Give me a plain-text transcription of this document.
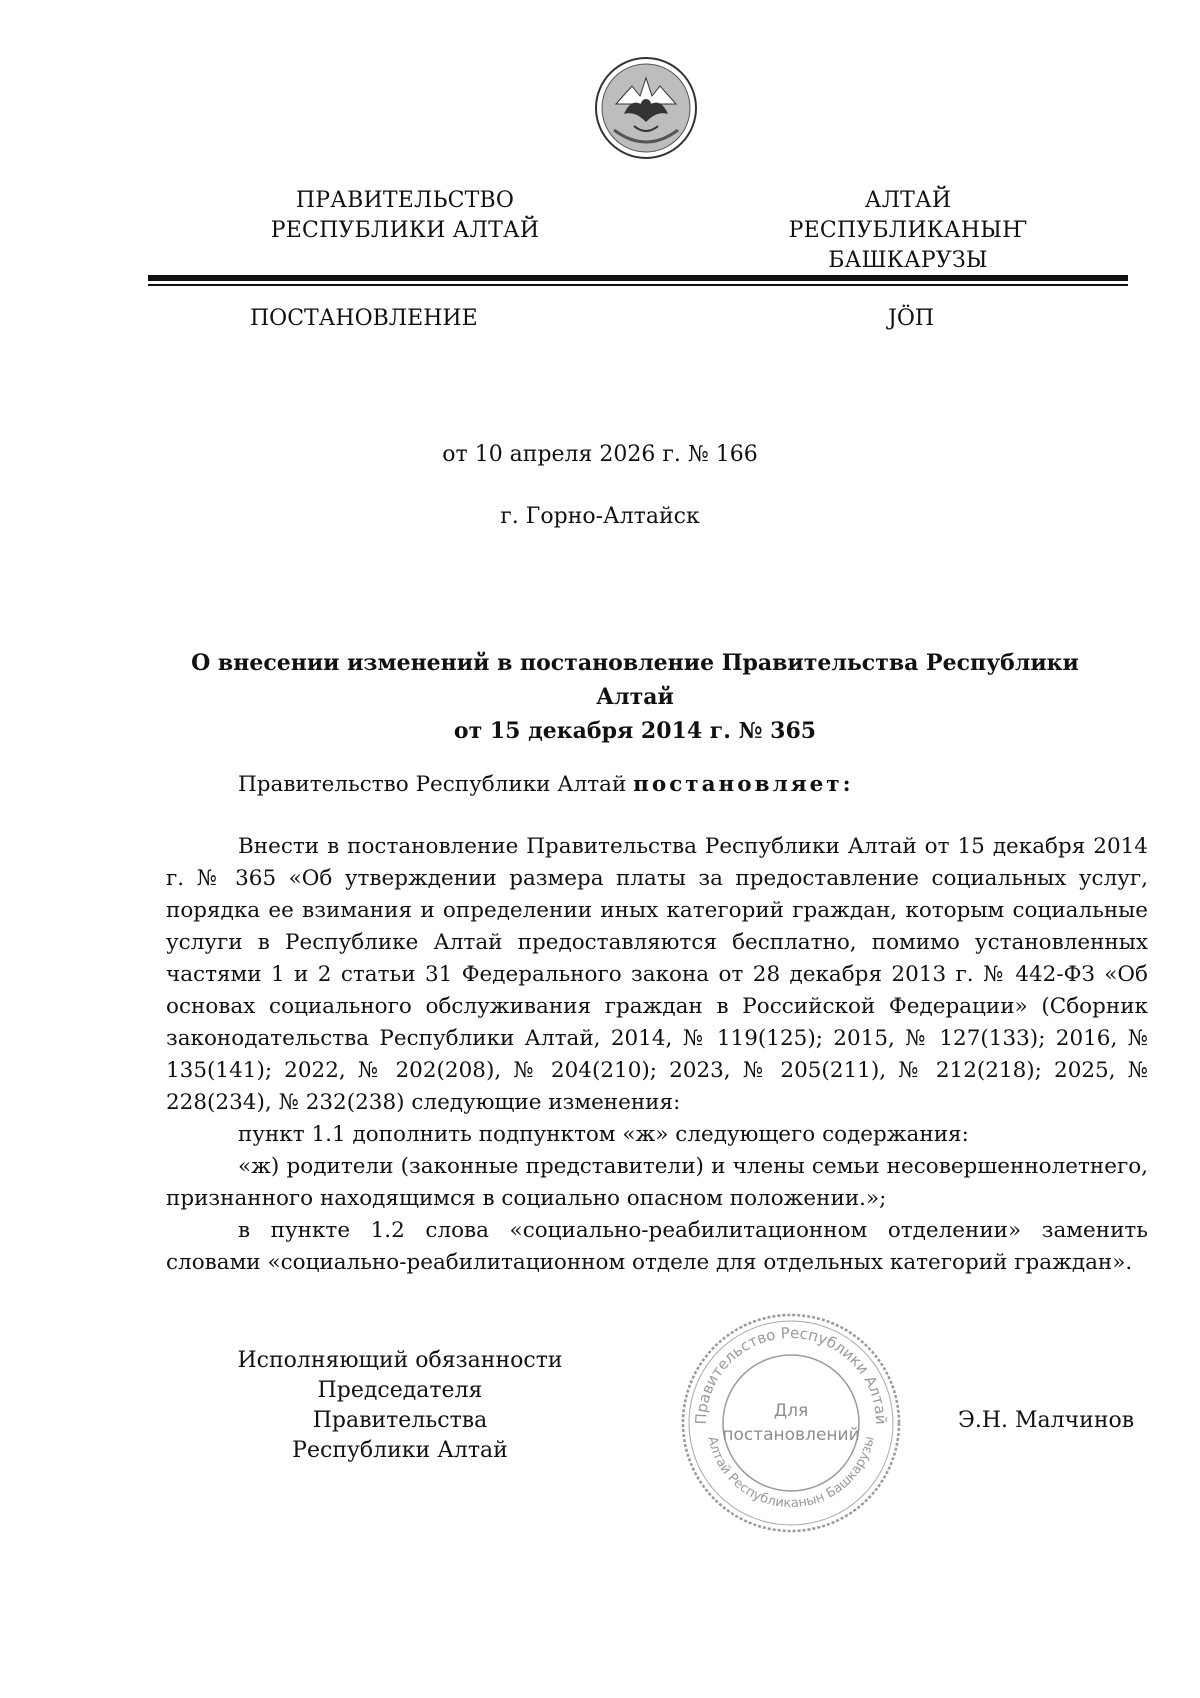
ПРАВИТЕЛЬСТВО
РЕСПУБЛИКИ АЛТАЙ
АЛТАЙ РЕСПУБЛИКАНЫҤ
БАШКАРУЗЫ
ПОСТАНОВЛЕНИЕ	JÖП
от 10 апреля 2026 г. № 166
г. Горно-Алтайск
О внесении изменений в постановление Правительства Республики Алтай
от 15 декабря 2014 г. № 365
Правительство Республики Алтай постановляет:

Внести в постановление Правительства Республики Алтай от 15 декабря 2014 г. № 365 «Об утверждении размера платы за предоставление социальных услуг, порядка ее взимания и определении иных категорий граждан, которым социальные услуги в Республике Алтай предоставляются бесплатно, помимо установленных частями 1 и 2 статьи 31 Федерального закона от 28 декабря 2013 г. № 442-ФЗ «Об основах социального обслуживания граждан в Российской Федерации» (Сборник законодательства Республики Алтай, 2014, № 119(125); 2015, № 127(133); 2016, № 135(141); 2022, № 202(208), № 204(210); 2023, № 205(211), № 212(218); 2025, № 228(234), № 232(238) следующие изменения:

пункт 1.1 дополнить подпунктом «ж» следующего содержания:

«ж) родители (законные представители) и члены семьи несовершеннолетнего, признанного находящимся в социально опасном положении.»;

в пункте 1.2 слова «социально-реабилитационном отделении» заменить словами «социально-реабилитационном отделе для отдельных категорий граждан».

Исполняющий обязанности
Председателя Правительства
Республики Алтай
Э.Н. Малчинов
Правительство Республики Алтай
Алтай Республиканын Башкарузы
Для
постановлений
